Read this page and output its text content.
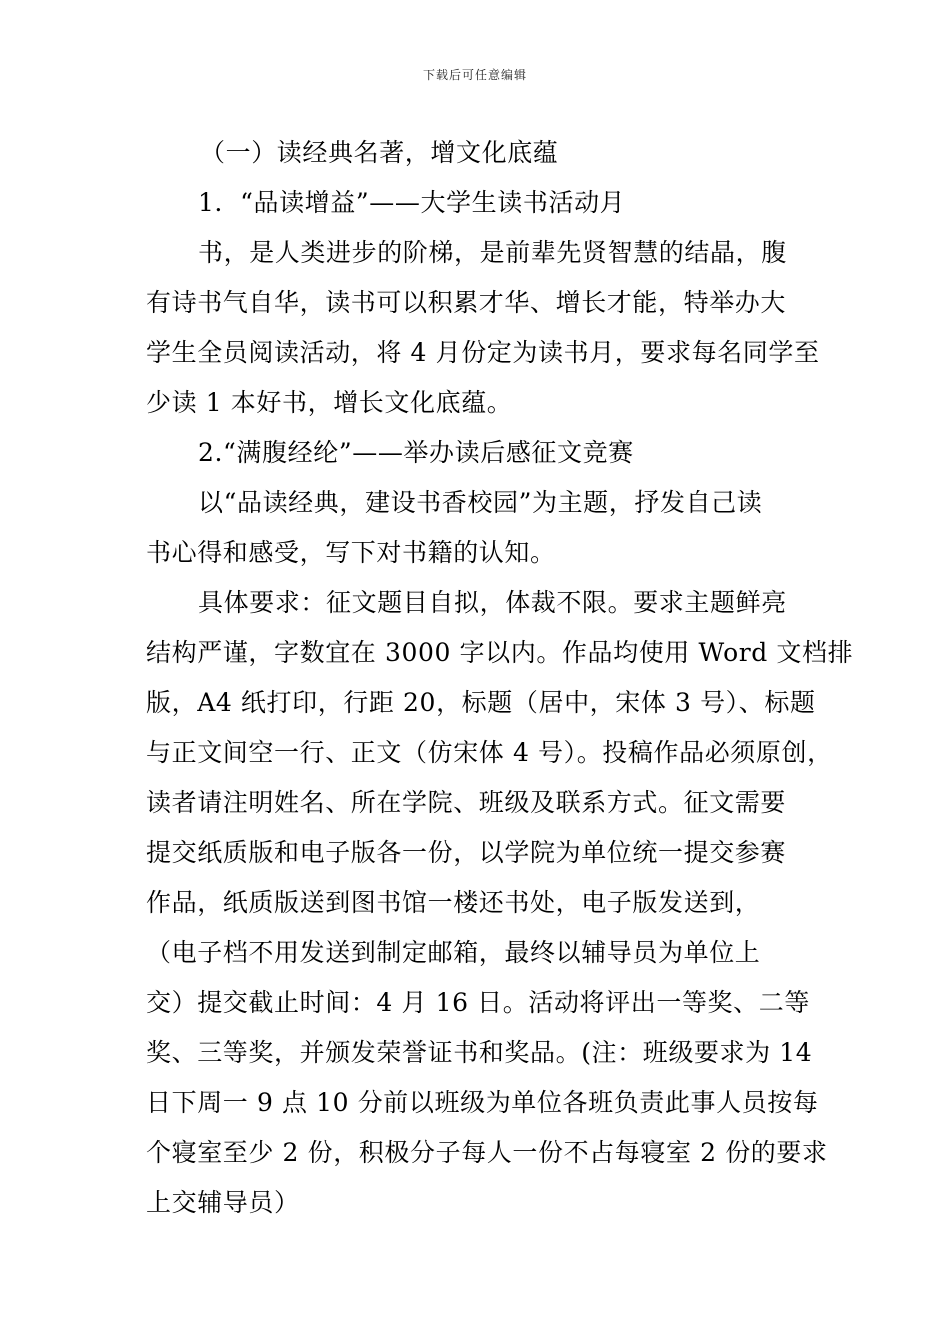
下载后可任意编辑
（一）读经典名著，增文化底蕴
1．“品读增益”——大学生读书活动月
书，是人类进步的阶梯，是前辈先贤智慧的结晶，腹
有诗书气自华，读书可以积累才华、增长才能，特举办大
学生全员阅读活动，将 4 月份定为读书月，要求每名同学至
少读 1 本好书，增长文化底蕴。
2.“满腹经纶”——举办读后感征文竞赛
以“品读经典，建设书香校园”为主题，抒发自己读
书心得和感受，写下对书籍的认知。
具体要求：征文题目自拟，体裁不限。要求主题鲜亮
结构严谨，字数宜在 3000 字以内。作品均使用 Word 文档排
版，A4 纸打印，行距 20，标题（居中，宋体 3 号）、标题
与正文间空一行、正文（仿宋体 4 号）。投稿作品必须原创，
读者请注明姓名、所在学院、班级及联系方式。征文需要
提交纸质版和电子版各一份，以学院为单位统一提交参赛
作品，纸质版送到图书馆一楼还书处，电子版发送到，
（电子档不用发送到制定邮箱，最终以辅导员为单位上
交）提交截止时间：4 月 16 日。活动将评出一等奖、二等
奖、三等奖，并颁发荣誉证书和奖品。(注：班级要求为 14
日下周一 9 点 10 分前以班级为单位各班负责此事人员按每
个寝室至少 2 份，积极分子每人一份不占每寝室 2 份的要求
上交辅导员）
